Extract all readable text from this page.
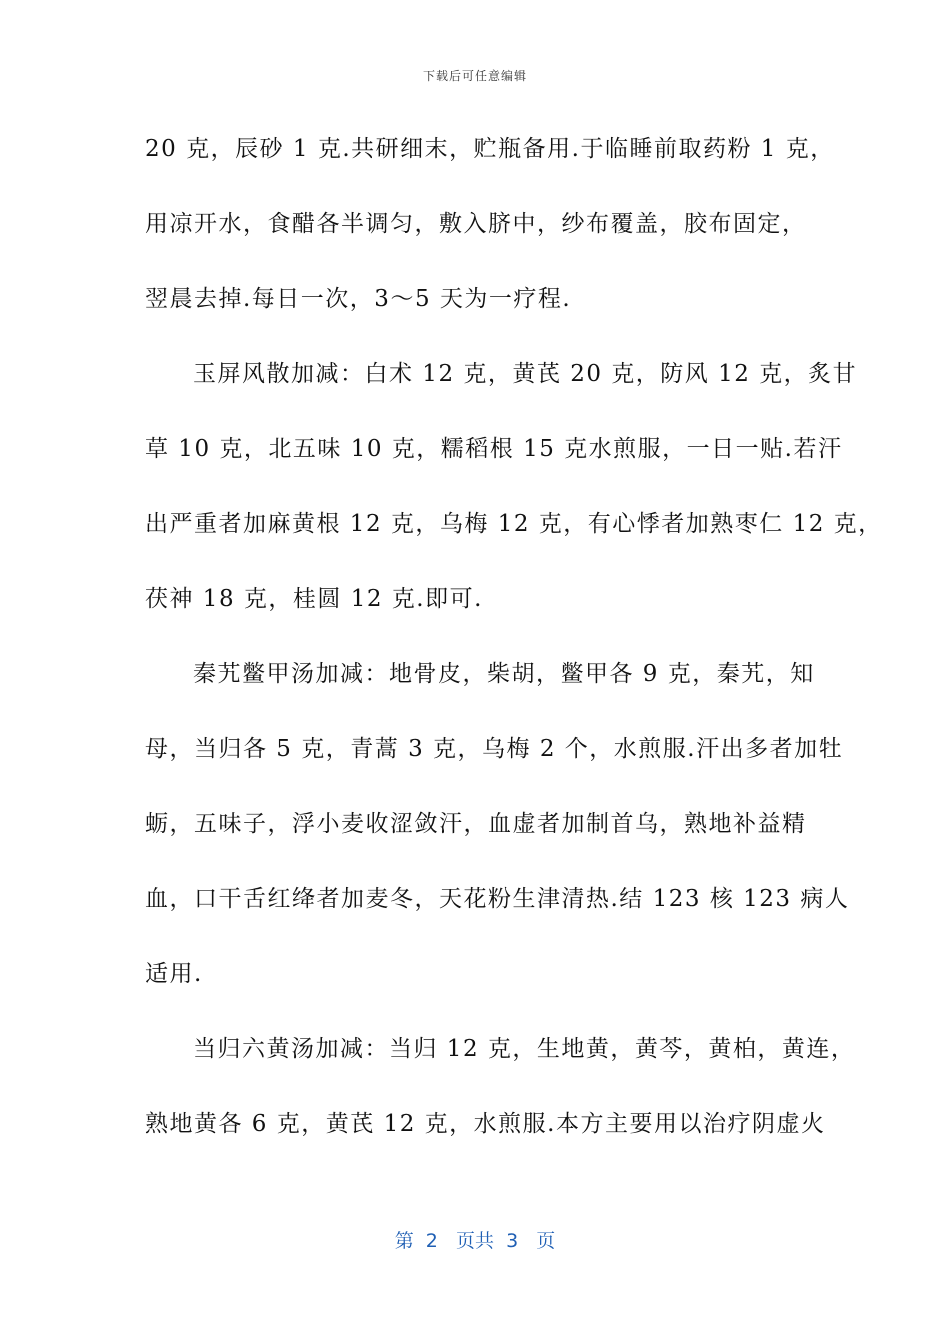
下载后可任意编辑
20 克，辰砂 1 克.共研细末，贮瓶备用.于临睡前取药粉 1 克，
用凉开水，食醋各半调匀，敷入脐中，纱布覆盖，胶布固定，
翌晨去掉.每日一次，3～5 天为一疗程.
玉屏风散加减：白术 12 克，黄芪 20 克，防风 12 克，炙甘
草 10 克，北五味 10 克，糯稻根 15 克水煎服，一日一贴.若汗
出严重者加麻黄根 12 克，乌梅 12 克，有心悸者加熟枣仁 12 克，
茯神 18 克，桂圆 12 克.即可.
秦艽鳖甲汤加减：地骨皮，柴胡，鳖甲各 9 克，秦艽，知
母，当归各 5 克，青蒿 3 克，乌梅 2 个，水煎服.汗出多者加牡
蛎，五味子，浮小麦收涩敛汗，血虚者加制首乌，熟地补益精
血，口干舌红绛者加麦冬，天花粉生津清热.结 123 核 123 病人
适用.
当归六黄汤加减：当归 12 克，生地黄，黄芩，黄柏，黄连，
熟地黄各 6 克，黄芪 12 克，水煎服.本方主要用以治疗阴虚火
第  2   页共  3   页
